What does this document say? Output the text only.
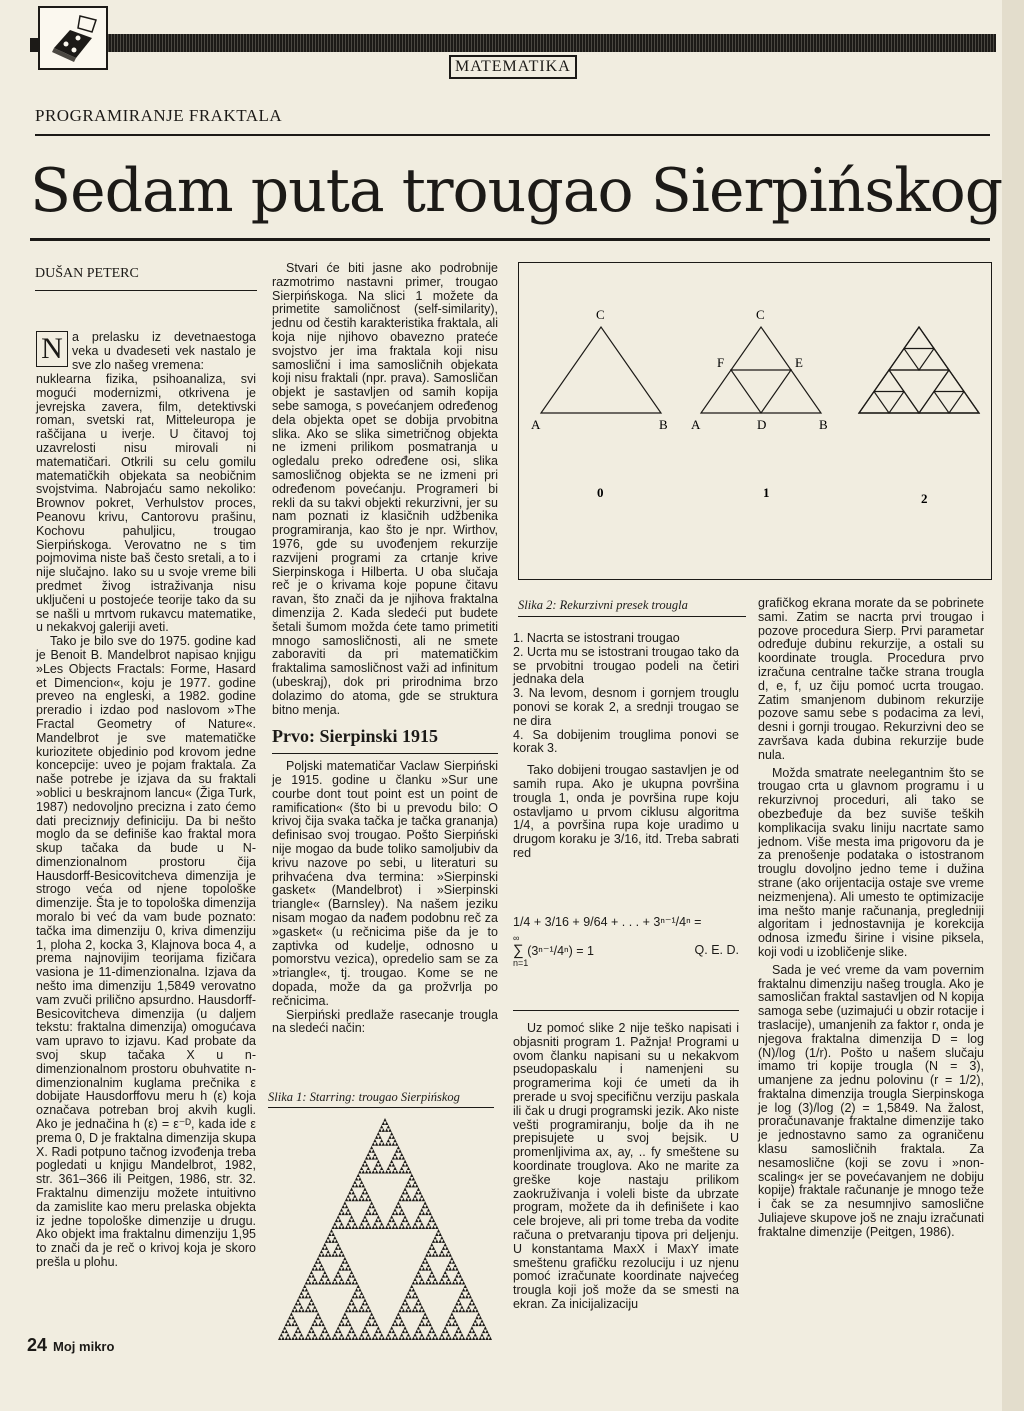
MATEMATIKA
PROGRAMIRANJE FRAKTALA
Sedam puta trougao Sierpińskog
DUŠAN PETERC
N a prelasku iz devetnaestoga veka u dvadeseti vek nastalo je sve zlo našeg vremena:

nuklearna fizika, psihoanaliza, svi mogući modernizmi, otkrivena je jevrejska zavera, film, detektivski roman, svetski rat, Mitteleuropa je raščijana u iverje. U čitavoj toj uzavrelosti nisu mirovali ni matematičari. Otkrili su celu gomilu matematičkih objekata sa neobičnim svojstvima. Nabrojaću samo nekoliko: Brownov pokret, Verhulstov proces, Peanovu krivu, Cantorovu prašinu, Kochovu pahuljicu, trougao Sierpińskoga. Verovatno ne s tim pojmovima niste baš često sretali, a to i nije slučajno. Iako su u svoje vreme bili predmet živog istraživanja nisu uključeni u postojeće teorije tako da su se našli u mrtvom rukavcu matematike, u nekakvoj galeriji aveti.

Tako je bilo sve do 1975. godine kad je Benoit B. Mandelbrot napisao knjigu »Les Objects Fractals: Forme, Hasard et Dimencion«, koju je 1977. godine preveo na engleski, a 1982. godine preradio i izdao pod naslovom »The Fractal Geometry of Nature«. Mandelbrot je sve matematičke kuriozitete objedinio pod krovom jedne koncepcije: uveo je pojam fraktala. Za naše potrebe je izjava da su fraktali »oblici u beskrajnom lancu« (Žiga Turk, 1987) nedovoljno precizna i zato ćemo dati preciznију definiciju. Da bi nešto moglo da se definiše kao fraktal mora skup tačaka da bude u N-dimenzionalnom prostoru čija Hausdorff-Besicovitcheva dimenzija je strogo veća od njene topološke dimenzije. Šta je to topološka dimenzija moralo bi već da vam bude poznato: tačka ima dimenziju 0, kriva dimenziju 1, ploha 2, kocka 3, Klajnova boca 4, a prema najnovijim teorijama fizičara vasiona je 11-dimenzionalna. Izjava da nešto ima dimenziju 1,5849 verovatno vam zvuči prilično apsurdno. Hausdorff-Besicovitcheva dimenzija (u daljem tekstu: fraktalna dimenzija) omogućava vam upravo to izjavu. Kad probate da svoj skup tačaka X u n-dimenzionalnom prostoru obuhvatite n-dimenzionalnim kuglama prečnika ε dobijate Hausdorffovu meru h (ε) koja označava potreban broj akvih kugli. Ako je jednačina h (ε) = ε⁻ᴰ, kada ide ε prema 0, D je fraktalna dimenzija skupa X. Radi potpuno tačnog izvođenja treba pogledati u knjigu Mandelbrot, 1982, str. 361–366 ili Peitgen, 1986, str. 32. Fraktalnu dimenziju možete intuitivno da zamislite kao meru prelaska objekta iz jedne topološke dimenzije u drugu. Ako objekt ima fraktalnu dimenziju 1,95 to znači da je reč o krivoj koja je skoro prešla u plohu.

Stvari će biti jasne ako podrobnije razmotrimo nastavni primer, trougao Sierpińskoga. Na slici 1 možete da primetite samoličnost (self-similarity), jednu od čestih karakteristika fraktala, ali koja nije njihovo obavezno prateće svojstvo jer ima fraktala koji nisu samoslični i ima samosličnih objekata koji nisu fraktali (npr. prava). Samosličan objekt je sastavljen od samih kopija sebe samoga, s povećanjem određenog dela objekta opet se dobija prvobitna slika. Ako se slika simetričnog objekta ne izmeni prilikom posmatranja u ogledalu preko određene osi, slika samosličnog objekta se ne izmeni pri određenom povećanju. Programeri bi rekli da su takvi objekti rekurzivni, jer su nam poznati iz klasičnih udžbenika programiranja, kao što je npr. Wirthov, 1976, gde su uvođenjem rekurzije razvijeni programi za crtanje krive Sierpinskoga i Hilberta. U oba slučaja reč je o krivama koje popune čitavu ravan, što znači da je njihova fraktalna dimenzija 2. Kada sledeći put budete šetali šumom možda ćete tamo primetiti mnogo samosličnosti, ali ne smete zaboraviti da pri matematičkim fraktalima samosličnost važi ad infinitum (ubeskraj), dok pri prirodnima brzo dolazimo do atoma, gde se struktura bitno menja.

Prvo: Sierpinski 1915

Poljski matematičar Vaclaw Sierpiński je 1915. godine u članku »Sur une courbe dont tout point est un point de ramification« (što bi u prevodu bilo: O krivoj čija svaka tačka je tačka grananja) definisao svoj trougao. Pošto Sierpiński nije mogao da bude toliko samoljubiv da krivu nazove po sebi, u literaturi su prihvaćena dva termina: »Sierpinski gasket« (Mandelbrot) i »Sierpinski triangle« (Barnsley). Na našem jeziku nisam mogao da nađem podobnu reč za »gasket« (u rečnicima piše da je to zaptivka od kudelje, odnosno u pomorstvu vezica), opredelio sam se za »triangle«, tj. trougao. Kome se ne dopada, može da ga prožvrlja po rečnicima.

Sierpiński predlaže rasecanje trougla na sledeći način:

Slika 1: Starring: trougao Sierpińskog
C
A	B
0
C
A	B
D
F	E
1	2
Slika 2: Rekurzivni presek trougla

1. Nacrta se istostrani trougao

2. Ucrta mu se istostrani trougao tako da se prvobitni trougao podeli na četiri jednaka dela

3. Na levom, desnom i gornjem trouglu ponovi se korak 2, a srednji trougao se ne dira

4. Sa dobijenim trouglima ponovi se korak 3.

Tako dobijeni trougao sastavljen je od samih rupa. Ako je ukupna površina trougla 1, onda je površina rupe koju ostavljamo u prvom ciklusu algoritma 1/4, a površina rupa koje uradimo u drugom koraku je 3/16, itd. Treba sabrati red

1/4 + 3/16 + 9/64 + . . . + 3ⁿ⁻¹/4ⁿ =
∞
∑ (3ⁿ⁻¹/4ⁿ) = 1	Q. E. D.
n=1

Uz pomoć slike 2 nije teško napisati i objasniti program 1. Pažnja! Programi u ovom članku napisani su u nekakvom pseudopaskalu i namenjeni su programerima koji će umeti da ih prerade u svoj specifičnu verziju paskala ili čak u drugi programski jezik. Ako niste vešti programiranju, bolje da ih ne prepisujete u svoj bejsik. U promenljivima ax, ay, .. fy smeštene su koordinate trouglova. Ako ne marite za greške koje nastaju prilikom zaokruživanja i voleli biste da ubrzate program, možete da ih definišete i kao cele brojeve, ali pri tome treba da vodite računa o pretvaranju tipova pri deljenju. U konstantama MaxX i MaxY imate smeštenu grafičku rezoluciju i uz njenu pomoć izračunate koordinate najvećeg trougla koji još može da se smesti na ekran. Za inicijalizaciju

grafičkog ekrana morate da se pobrinete sami. Zatim se nacrta prvi trougao i pozove procedura Sierp. Prvi parametar određuje dubinu rekurzije, a ostali su koordinate trougla. Procedura prvo izračuna centralne tačke strana trougla d, e, f, uz čiju pomoć ucrta trougao. Zatim smanjenom dubinom rekurzije pozove samu sebe s podacima za levi, desni i gornji trougao. Rekurzivni deo se završava kada dubina rekurzije bude nula.

Možda smatrate neelegantnim što se trougao crta u glavnom programu i u rekurzivnoj proceduri, ali tako se obezbeđuje da bez suviše teških komplikacija svaku liniju nacrtate samo jednom. Više mesta ima prigovoru da je za prenošenje podataka o istostranom trouglu dovoljno jedno teme i dužina strane (ako orijentacija ostaje sve vreme neizmenjena). Ali umesto te optimizacije ima nešto manje računanja, pregledniji algoritam i jednostavnija je korekcija odnosa između širine i visine piksela, koji vodi u izobličenje slike.

Sada je već vreme da vam povernim fraktalnu dimenziju našeg trougla. Ako je samosličan fraktal sastavljen od N kopija samoga sebe (uzimajući u obzir rotacije i traslacije), umanjenih za faktor r, onda je njegova fraktalna dimenzija D = log (N)/log (1/r). Pošto u našem slučaju imamo tri kopije trougla (N = 3), umanjene za jednu polovinu (r = 1/2), fraktalna dimenzija trougla Sierpinskoga je log (3)/log (2) = 1,5849. Na žalost, proračunavanje fraktalne dimenzije tako je jednostavno samo za ograničenu klasu samosličnih fraktala. Za nesamoslične (koji se zovu i »non-scaling« jer se povećavanjem ne dobiju kopije) fraktale računanje je mnogo teže i čak se za nesumnjivo samoslične Juliajeve skupove još ne znaju izračunati fraktalne dimenzije (Peitgen, 1986).

24 Moj mikro
